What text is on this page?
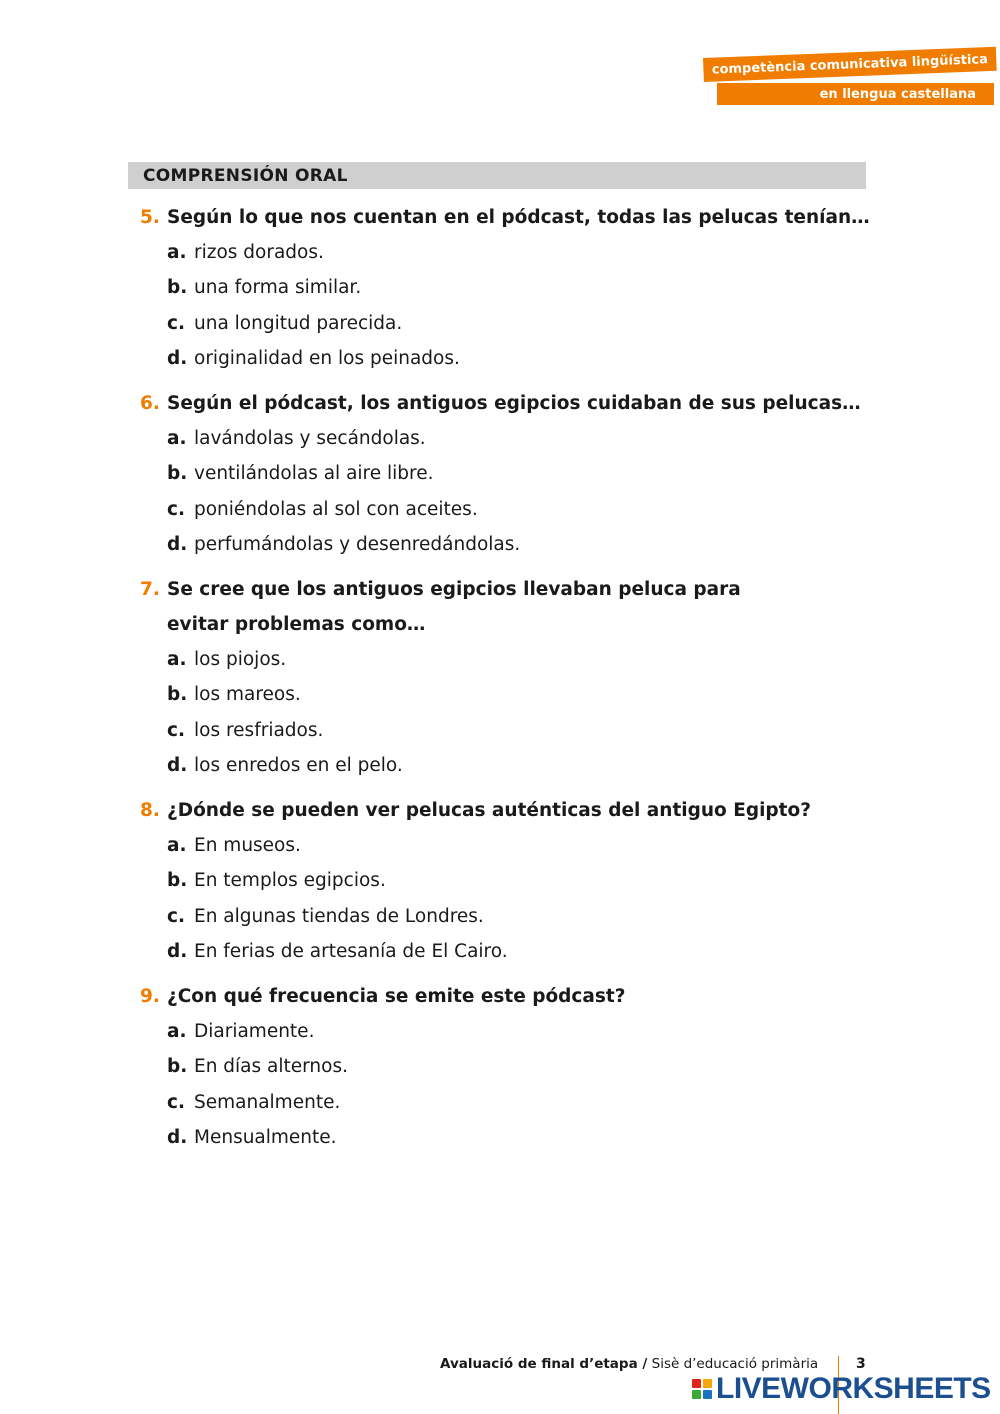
competència comunicativa lingüística
en llengua castellana
COMPRENSIÓN ORAL
5. Según lo que nos cuentan en el pódcast, todas las pelucas tenían…
a. rizos dorados.
b. una forma similar.
c. una longitud parecida.
d. originalidad en los peinados.
6. Según el pódcast, los antiguos egipcios cuidaban de sus pelucas…
a. lavándolas y secándolas.
b. ventilándolas al aire libre.
c. poniéndolas al sol con aceites.
d. perfumándolas y desenredándolas.
7. Se cree que los antiguos egipcios llevaban peluca para evitar problemas como…
a. los piojos.
b. los mareos.
c. los resfriados.
d. los enredos en el pelo.
8. ¿Dónde se pueden ver pelucas auténticas del antiguo Egipto?
a. En museos.
b. En templos egipcios.
c. En algunas tiendas de Londres.
d. En ferias de artesanía de El Cairo.
9. ¿Con qué frecuencia se emite este pódcast?
a. Diariamente.
b. En días alternos.
c. Semanalmente.
d. Mensualmente.
Avaluació de final d’etapa / Sisè d’educació primària	3
LIVEWORKSHEETS
